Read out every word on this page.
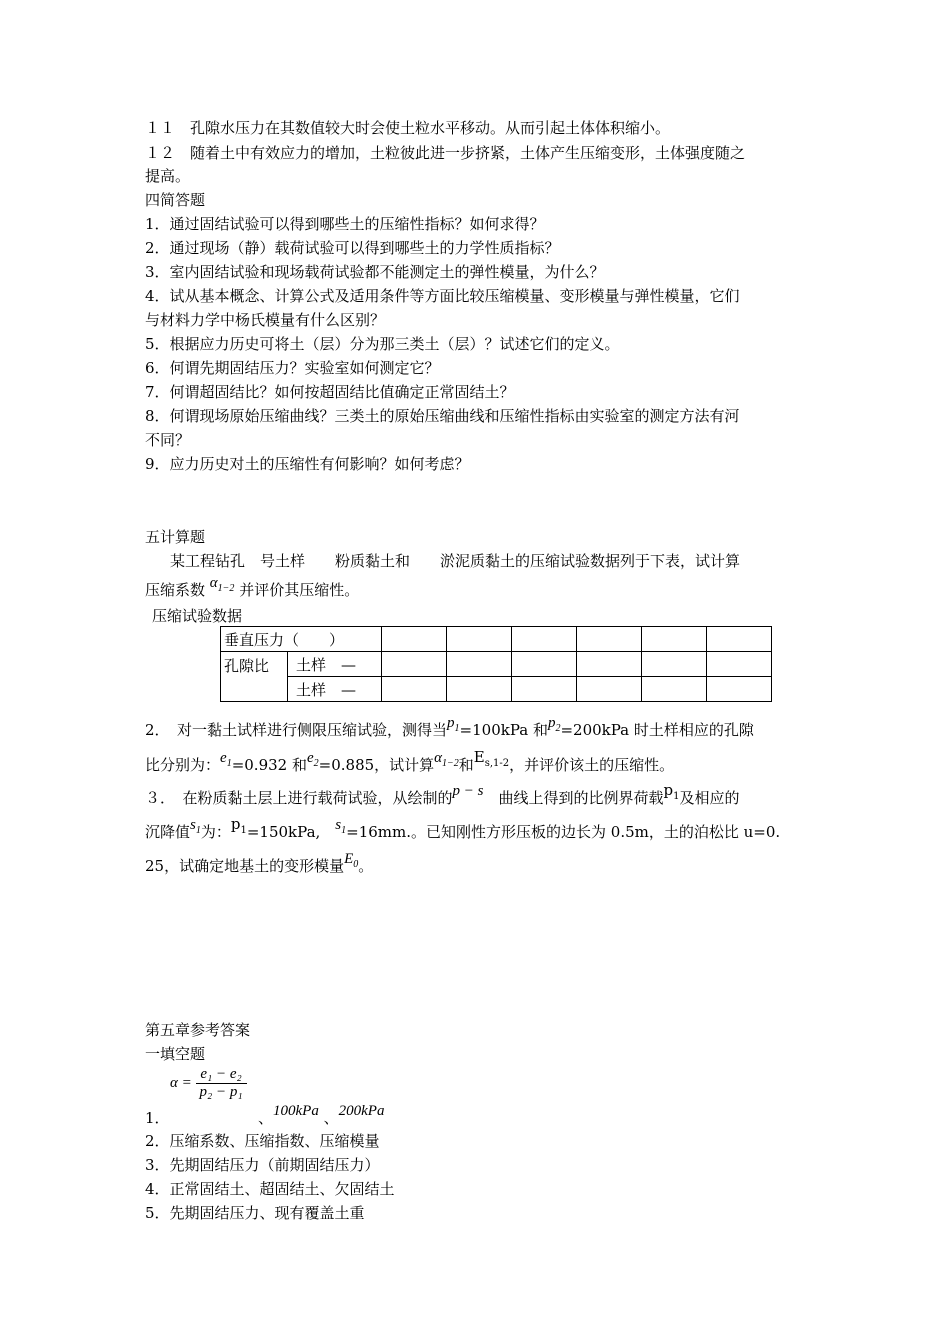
１１　孔隙水压力在其数值较大时会使土粒水平移动。从而引起土体体积缩小。
１２　随着土中有效应力的增加，土粒彼此进一步挤紧，土体产生压缩变形，土体强度随之
提高。
四简答题
1．通过固结试验可以得到哪些土的压缩性指标？如何求得？
2．通过现场（静）载荷试验可以得到哪些土的力学性质指标？
3．室内固结试验和现场载荷试验都不能测定土的弹性模量，为什么？
4．试从基本概念、计算公式及适用条件等方面比较压缩模量、变形模量与弹性模量，它们
与材料力学中杨氏模量有什么区别？
5．根据应力历史可将土（层）分为那三类土（层）？试述它们的定义。
6．何谓先期固结压力？实验室如何测定它？
7．何谓超固结比？如何按超固结比值确定正常固结土？
8．何谓现场原始压缩曲线？三类土的原始压缩曲线和压缩性指标由实验室的测定方法有河
不同？
9．应力历史对土的压缩性有何影响？如何考虑？
五计算题
某工程钻孔　号土样　　粉质黏土和　　淤泥质黏土的压缩试验数据列于下表，试计算
压缩系数 $\alpha_{1-2}$ 并评价其压缩性。
压缩试验数据
垂直压力（　　）							
孔隙比	土样　—						
	土样　—						
2．　对一黏土试样进行侧限压缩试验，测得当$p_1=100kPa$ 和$p_2=200kPa$ 时土样相应的孔隙
比分别为：$e_1=0.932$ 和$e_2=0.885$，试计算$\alpha_{1-2}$和$E_{s,1-2}$，并评价该土的压缩性。
３．　在粉质黏土层上进行载荷试验，从绘制的p − s　 曲线上得到的比例界荷载$p_1$及相应的
沉降值$s_1$为：$p_1=150kPa$,　 $s_1=16mm$.。已知刚性方形压板的边长为 0.5m，土的泊松比 u=0.
25，试确定地基土的变形模量$E_0$。
第五章参考答案
一填空题
$\alpha = \frac{\text{e₁ − e₂}}{\text{p₂ − p₁}}$
1．	、100kPa 、200kPa
2．压缩系数、压缩指数、压缩模量
3．先期固结压力（前期固结压力）
4．正常固结土、超固结土、欠固结土
5．先期固结压力、现有覆盖土重
